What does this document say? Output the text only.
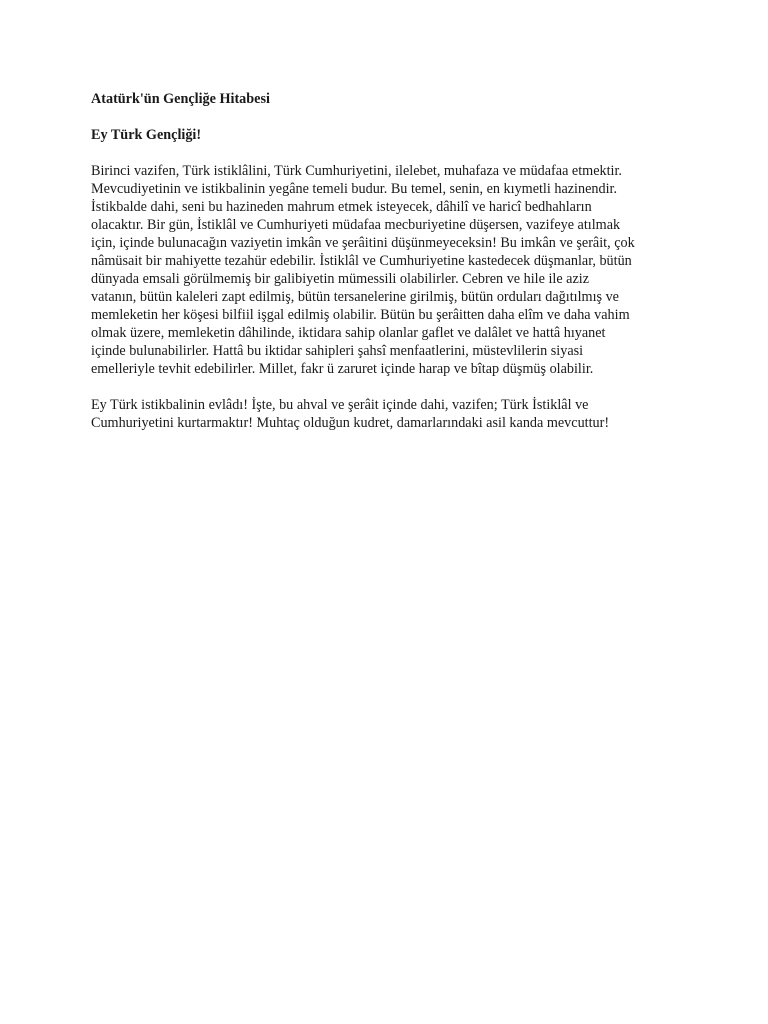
Atatürk'ün Gençliğe Hitabesi
Ey Türk Gençliği!
Birinci vazifen, Türk istiklâlini, Türk Cumhuriyetini, ilelebet, muhafaza ve müdafaa etmektir.
Mevcudiyetinin ve istikbalinin yegâne temeli budur. Bu temel, senin, en kıymetli hazinendir.
İstikbalde dahi, seni bu hazineden mahrum etmek isteyecek, dâhilî ve haricî bedhahların
olacaktır. Bir gün, İstiklâl ve Cumhuriyeti müdafaa mecburiyetine düşersen, vazifeye atılmak
için, içinde bulunacağın vaziyetin imkân ve şerâitini düşünmeyeceksin! Bu imkân ve şerâit, çok
nâmüsait bir mahiyette tezahür edebilir. İstiklâl ve Cumhuriyetine kastedecek düşmanlar, bütün
dünyada emsali görülmemiş bir galibiyetin mümessili olabilirler. Cebren ve hile ile aziz
vatanın, bütün kaleleri zapt edilmiş, bütün tersanelerine girilmiş, bütün orduları dağıtılmış ve
memleketin her köşesi bilfiil işgal edilmiş olabilir. Bütün bu şerâitten daha elîm ve daha vahim
olmak üzere, memleketin dâhilinde, iktidara sahip olanlar gaflet ve dalâlet ve hattâ hıyanet
içinde bulunabilirler. Hattâ bu iktidar sahipleri şahsî menfaatlerini, müstevlilerin siyasi
emelleriyle tevhit edebilirler. Millet, fakr ü zaruret içinde harap ve bîtap düşmüş olabilir.
Ey Türk istikbalinin evlâdı! İşte, bu ahval ve şerâit içinde dahi, vazifen; Türk İstiklâl ve
Cumhuriyetini kurtarmaktır! Muhtaç olduğun kudret, damarlarındaki asil kanda mevcuttur!
